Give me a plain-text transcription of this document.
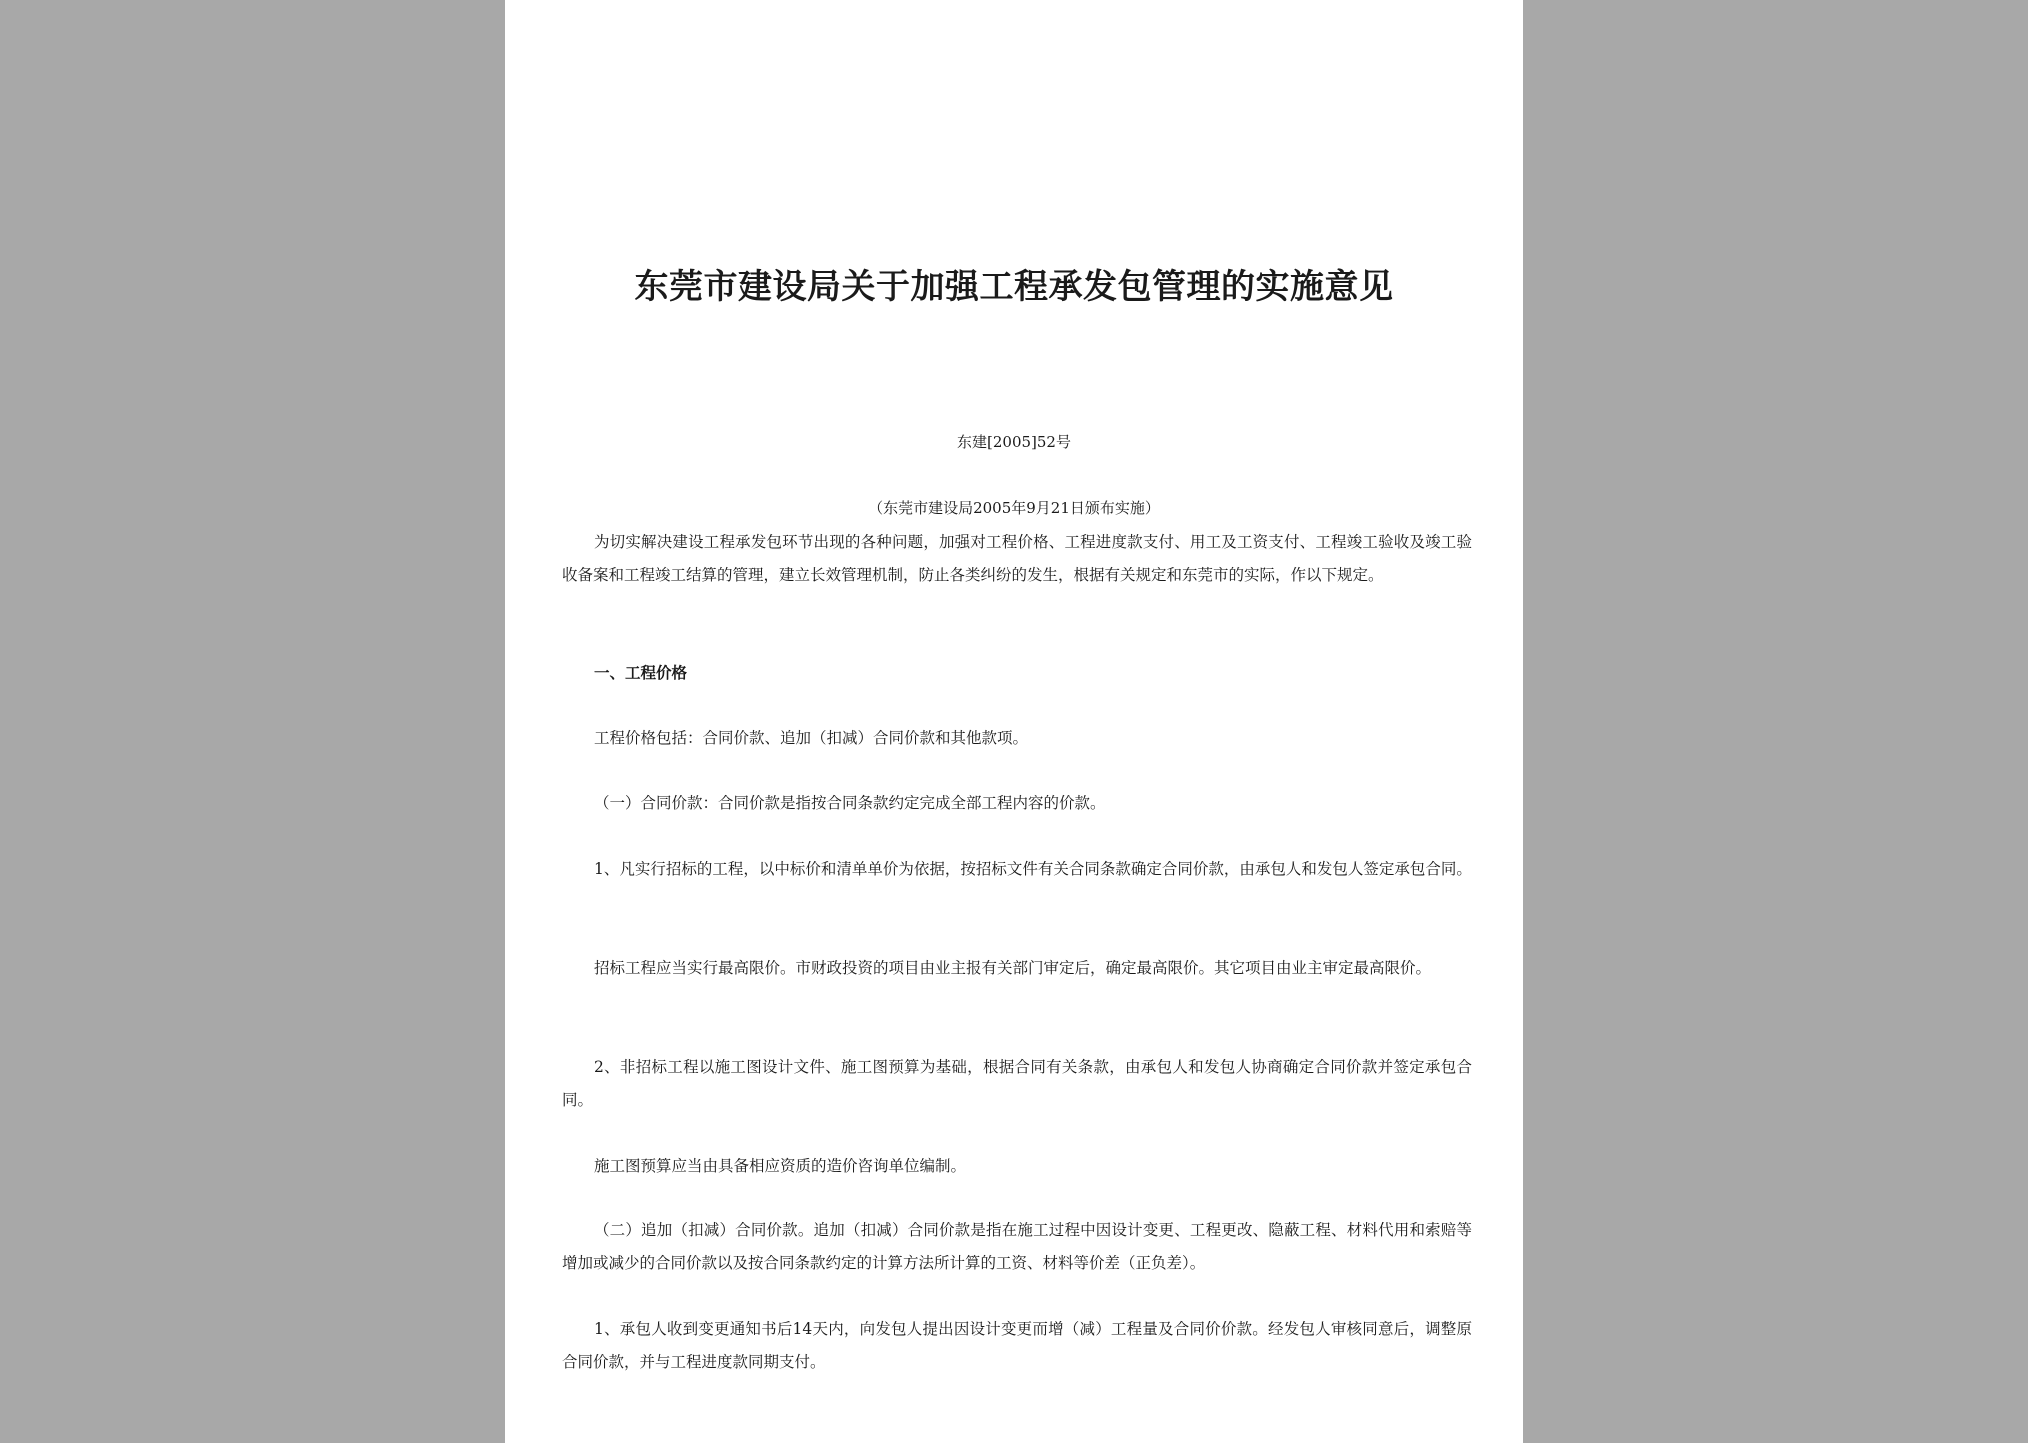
东莞市建设局关于加强工程承发包管理的实施意见
东建[2005]52号
（东莞市建设局2005年9月21日颁布实施）

为切实解决建设工程承发包环节出现的各种问题，加强对工程价格、工程进度款支付、用工及工资支付、工程竣工验收及竣工验收备案和工程竣工结算的管理，建立长效管理机制，防止各类纠纷的发生，根据有关规定和东莞市的实际，作以下规定。

一、工程价格

工程价格包括：合同价款、追加（扣减）合同价款和其他款项。

（一）合同价款：合同价款是指按合同条款约定完成全部工程内容的价款。

1、凡实行招标的工程，以中标价和清单单价为依据，按招标文件有关合同条款确定合同价款，由承包人和发包人签定承包合同。

招标工程应当实行最高限价。市财政投资的项目由业主报有关部门审定后，确定最高限价。其它项目由业主审定最高限价。

2、非招标工程以施工图设计文件、施工图预算为基础，根据合同有关条款，由承包人和发包人协商确定合同价款并签定承包合同。

施工图预算应当由具备相应资质的造价咨询单位编制。

（二）追加（扣减）合同价款。追加（扣减）合同价款是指在施工过程中因设计变更、工程更改、隐蔽工程、材料代用和索赔等增加或减少的合同价款以及按合同条款约定的计算方法所计算的工资、材料等价差（正负差）。

1、承包人收到变更通知书后14天内，向发包人提出因设计变更而增（减）工程量及合同价价款。经发包人审核同意后，调整原合同价款，并与工程进度款同期支付。
